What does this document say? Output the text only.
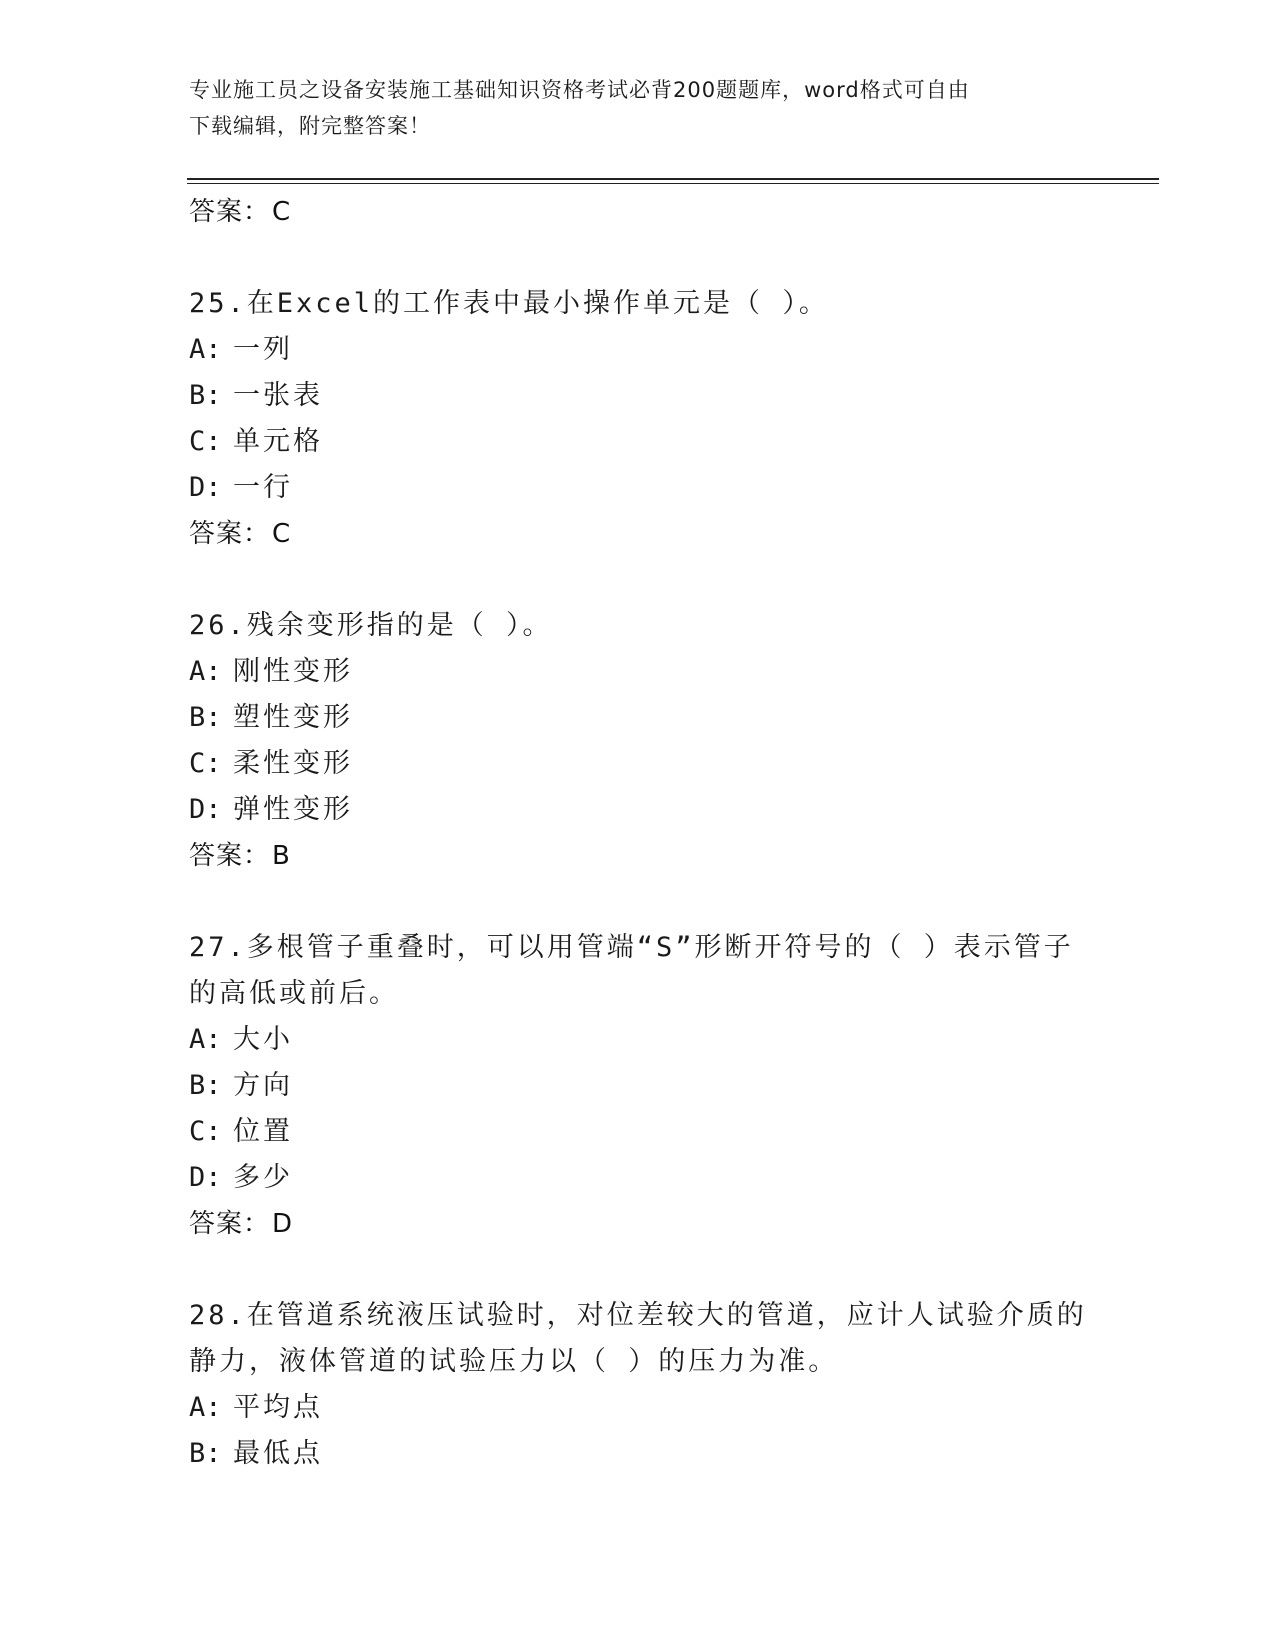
专业施工员之设备安装施工基础知识资格考试必背200题题库，word格式可自由
下载编辑，附完整答案！
答案：C
25.在Excel的工作表中最小操作单元是（ ）。
A: 一列
B: 一张表
C: 单元格
D: 一行
答案：C
26.残余变形指的是（ ）。
A: 刚性变形
B: 塑性变形
C: 柔性变形
D: 弹性变形
答案：B
27.多根管子重叠时，可以用管端“S”形断开符号的（ ）表示管子的高低或前后。
A: 大小
B: 方向
C: 位置
D: 多少
答案：D
28.在管道系统液压试验时，对位差较大的管道，应计人试验介质的静力，液体管道的试验压力以（ ）的压力为准。
A: 平均点
B: 最低点
